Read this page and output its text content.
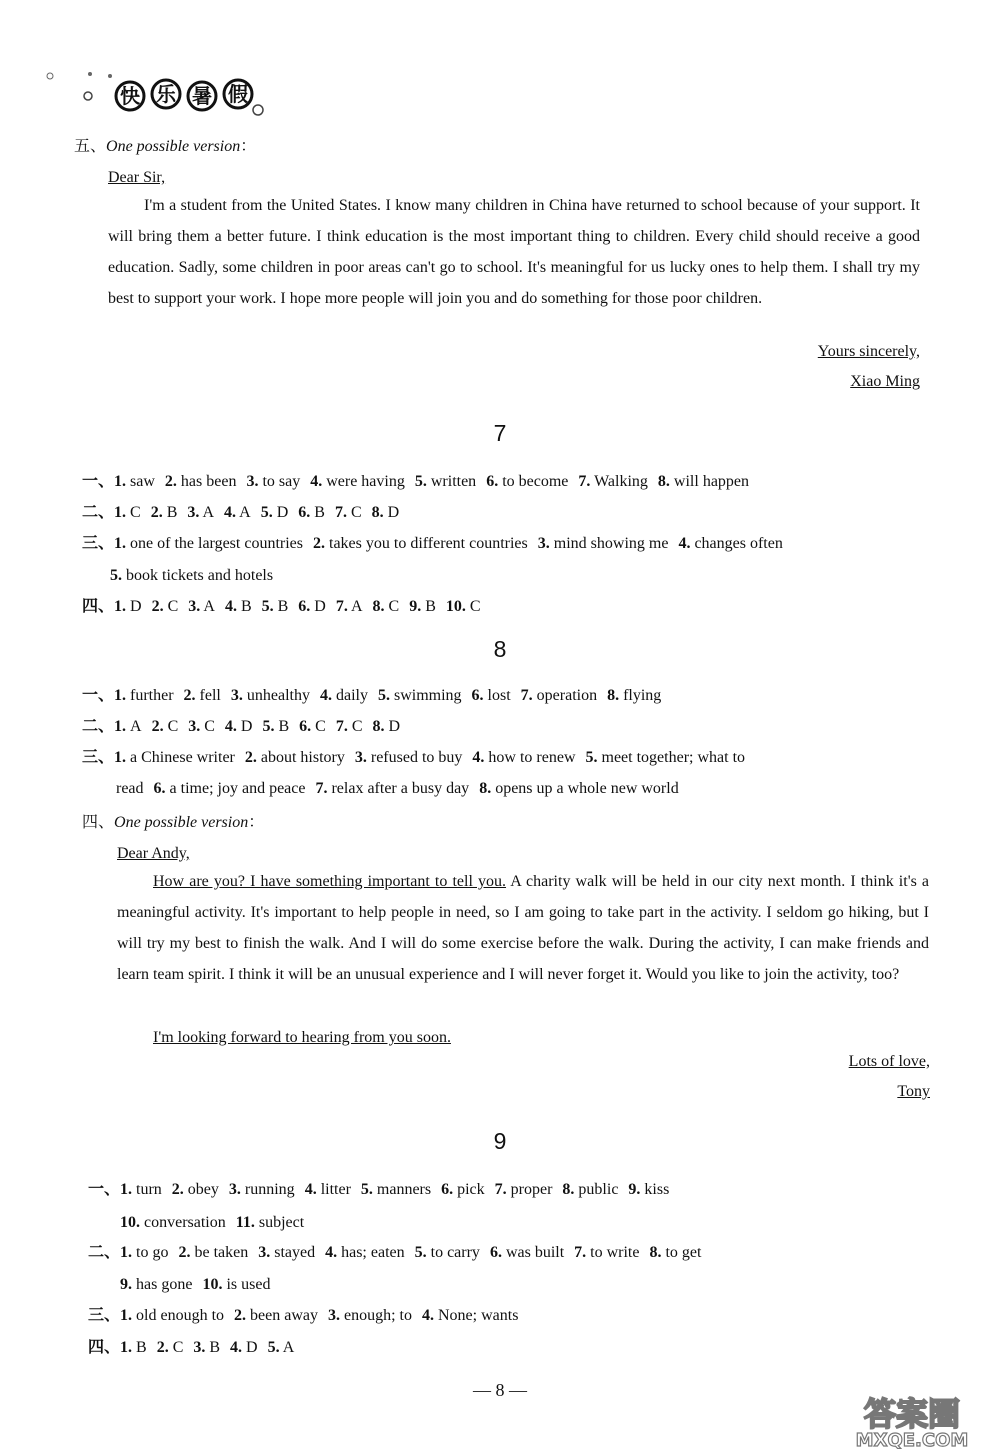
快 乐 暑 假
五、One possible version：
Dear Sir,
I'm a student from the United States. I know many children in China have returned to school because of your support. It will bring them a better future. I think education is the most important thing to children. Every child should receive a good education. Sadly, some children in poor areas can't go to school. It's meaningful for us lucky ones to help them. I shall try my best to support your work. I hope more people will join you and do something for those poor children.
Yours sincerely,
Xiao Ming
7
一、1. saw 2. has been 3. to say 4. were having 5. written 6. to become 7. Walking 8. will happen
二、1. C 2. B 3. A 4. A 5. D 6. B 7. C 8. D
三、1. one of the largest countries 2. takes you to different countries 3. mind showing me 4. changes often
5. book tickets and hotels
四、1. D 2. C 3. A 4. B 5. B 6. D 7. A 8. C 9. B 10. C
8
一、1. further 2. fell 3. unhealthy 4. daily 5. swimming 6. lost 7. operation 8. flying
二、1. A 2. C 3. C 4. D 5. B 6. C 7. C 8. D
三、1. a Chinese writer 2. about history 3. refused to buy 4. how to renew 5. meet together; what to
read 6. a time; joy and peace 7. relax after a busy day 8. opens up a whole new world
四、One possible version：
Dear Andy,
How are you? I have something important to tell you. A charity walk will be held in our city next month. I think it's a meaningful activity. It's important to help people in need, so I am going to take part in the activity. I seldom go hiking, but I will try my best to finish the walk. And I will do some exercise before the walk. During the activity, I can make friends and learn team spirit. I think it will be an unusual experience and I will never forget it. Would you like to join the activity, too?
I'm looking forward to hearing from you soon.
Lots of love,
Tony
9
一、1. turn 2. obey 3. running 4. litter 5. manners 6. pick 7. proper 8. public 9. kiss
10. conversation 11. subject
二、1. to go 2. be taken 3. stayed 4. has; eaten 5. to carry 6. was built 7. to write 8. to get
9. has gone 10. is used
三、1. old enough to 2. been away 3. enough; to 4. None; wants
四、1. B 2. C 3. B 4. D 5. A
— 8 —
答案圈
MXQE.COM
